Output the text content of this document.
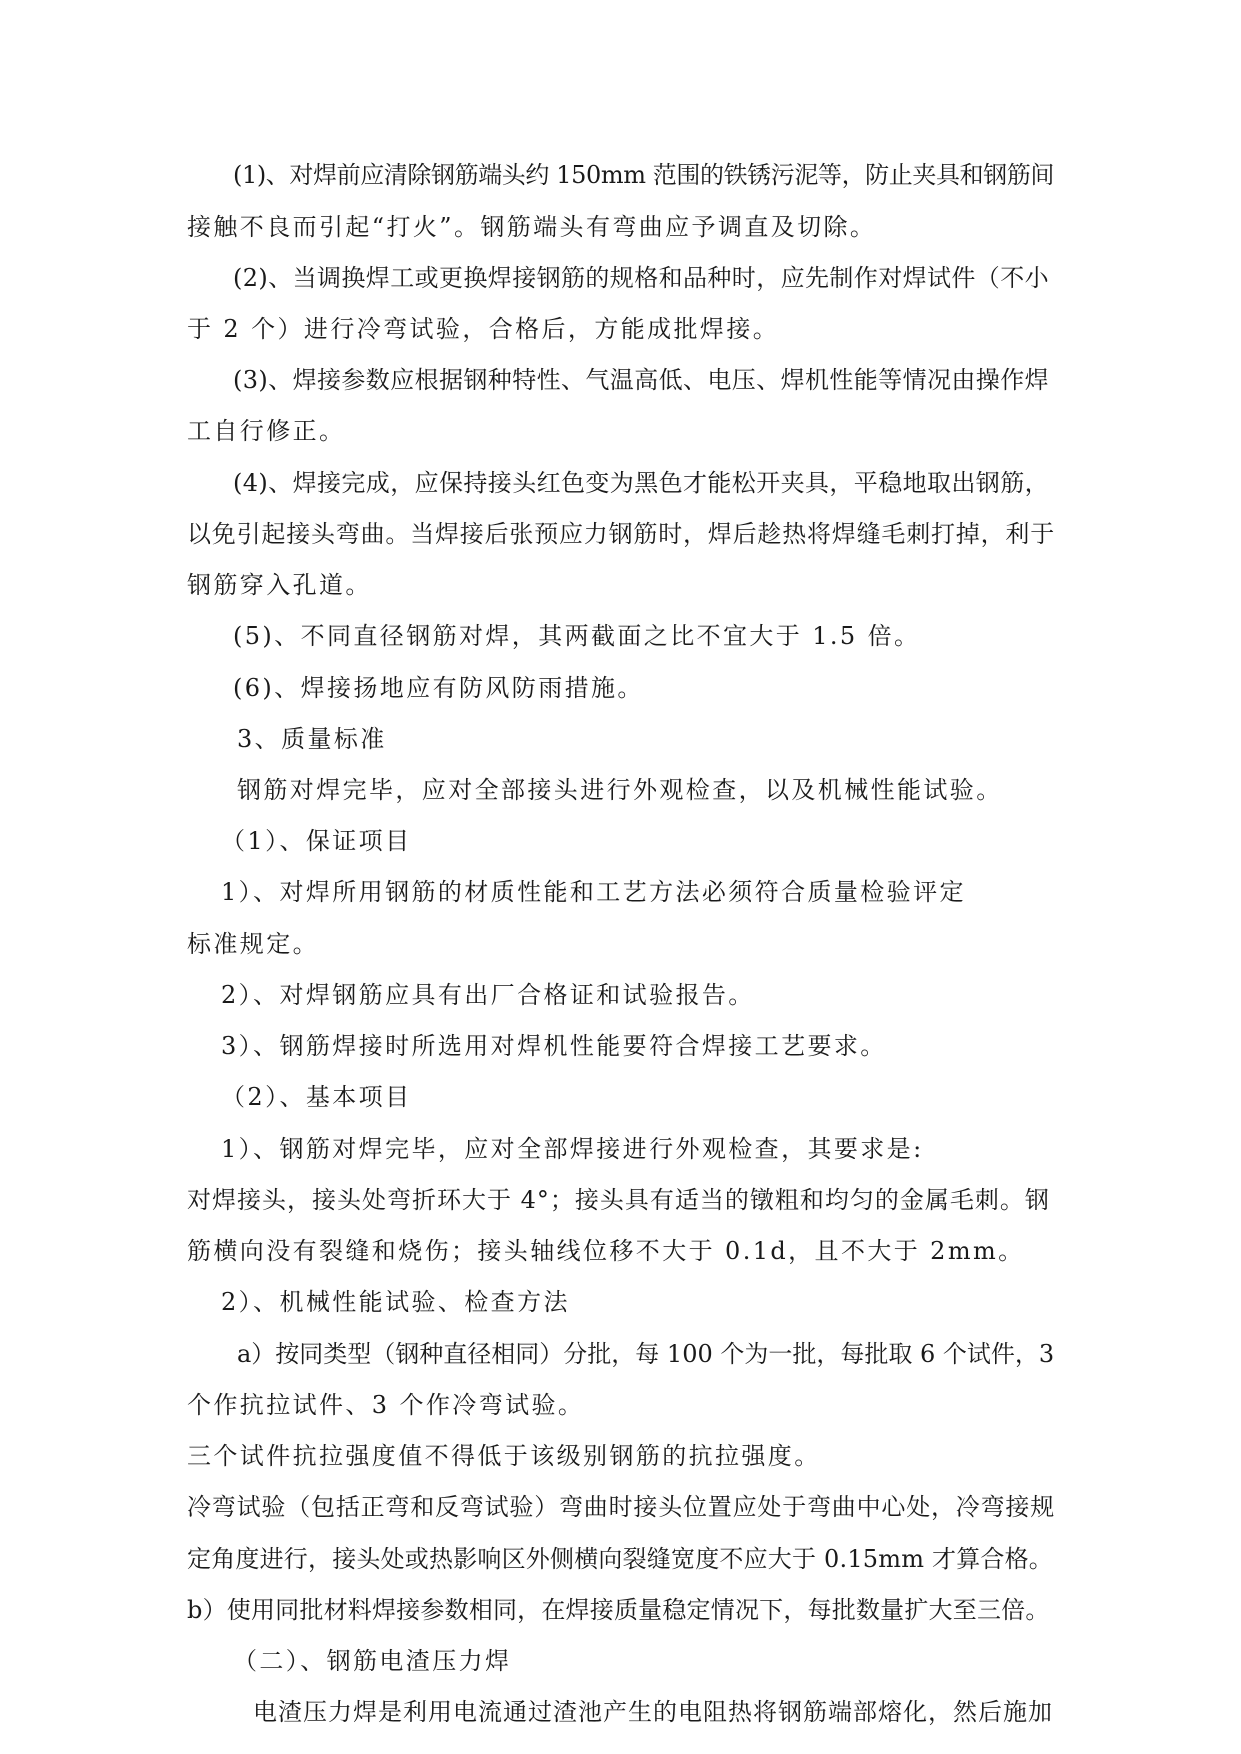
(1)、对焊前应清除钢筋端头约 150mm 范围的铁锈污泥等，防止夹具和钢筋间
接触不良而引起“打火”。钢筋端头有弯曲应予调直及切除。
(2)、当调换焊工或更换焊接钢筋的规格和品种时，应先制作对焊试件（不小
于 2 个）进行冷弯试验，合格后，方能成批焊接。
(3)、焊接参数应根据钢种特性、气温高低、电压、焊机性能等情况由操作焊
工自行修正。
(4)、焊接完成，应保持接头红色变为黑色才能松开夹具，平稳地取出钢筋，
以免引起接头弯曲。当焊接后张预应力钢筋时，焊后趁热将焊缝毛刺打掉，利于
钢筋穿入孔道。
(5)、不同直径钢筋对焊，其两截面之比不宜大于 1.5 倍。
(6)、焊接扬地应有防风防雨措施。
3、质量标准
钢筋对焊完毕，应对全部接头进行外观检查，以及机械性能试验。
（1）、保证项目
1）、对焊所用钢筋的材质性能和工艺方法必须符合质量检验评定
标准规定。
2）、对焊钢筋应具有出厂合格证和试验报告。
3）、钢筋焊接时所选用对焊机性能要符合焊接工艺要求。
（2）、基本项目
1）、钢筋对焊完毕，应对全部焊接进行外观检查，其要求是:
对焊接头，接头处弯折环大于 4°；接头具有适当的镦粗和均匀的金属毛刺。钢
筋横向没有裂缝和烧伤；接头轴线位移不大于 0.1d，且不大于 2mm。
2）、机械性能试验、检查方法
a）按同类型（钢种直径相同）分批，每 100 个为一批，每批取 6 个试件，3
个作抗拉试件、3 个作冷弯试验。
三个试件抗拉强度值不得低于该级别钢筋的抗拉强度。
冷弯试验（包括正弯和反弯试验）弯曲时接头位置应处于弯曲中心处，冷弯接规
定角度进行，接头处或热影响区外侧横向裂缝宽度不应大于 0.15mm 才算合格。
b）使用同批材料焊接参数相同，在焊接质量稳定情况下，每批数量扩大至三倍。
（二）、钢筋电渣压力焊
电渣压力焊是利用电流通过渣池产生的电阻热将钢筋端部熔化，然后施加
